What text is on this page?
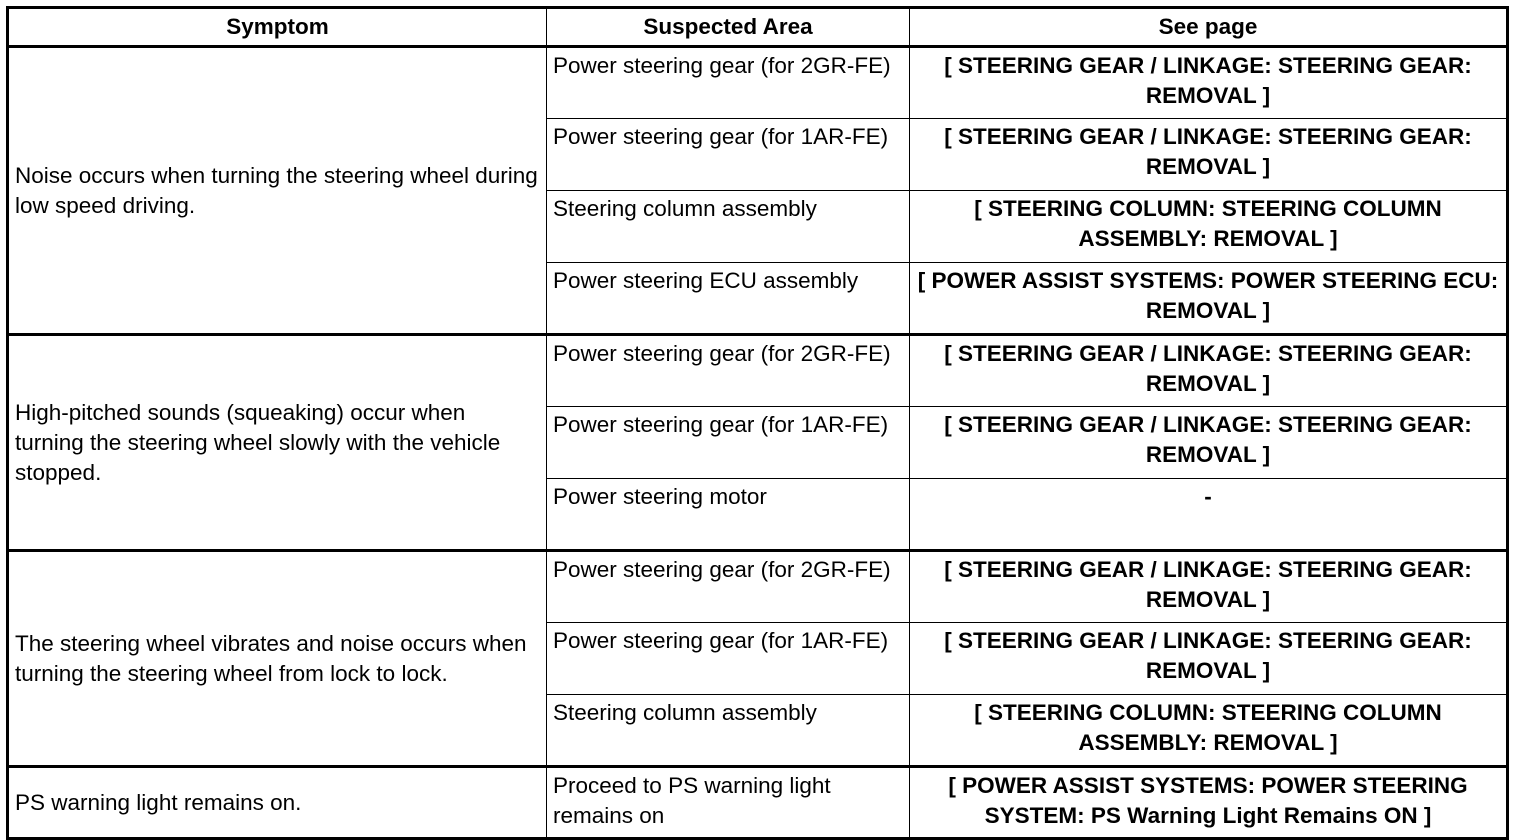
Symptom	Suspected Area	See page
Noise occurs when turning the steering wheel during low speed driving.	Power steering gear (for 2GR-FE)	[ STEERING GEAR / LINKAGE: STEERING GEAR: REMOVAL ]
	Power steering gear (for 1AR-FE)	[ STEERING GEAR / LINKAGE: STEERING GEAR: REMOVAL ]
	Steering column assembly	[ STEERING COLUMN: STEERING COLUMN ASSEMBLY: REMOVAL ]
	Power steering ECU assembly	[ POWER ASSIST SYSTEMS: POWER STEERING ECU: REMOVAL ]
High-pitched sounds (squeaking) occur when turning the steering wheel slowly with the vehicle stopped.	Power steering gear (for 2GR-FE)	[ STEERING GEAR / LINKAGE: STEERING GEAR: REMOVAL ]
	Power steering gear (for 1AR-FE)	[ STEERING GEAR / LINKAGE: STEERING GEAR: REMOVAL ]
	Power steering motor	-
The steering wheel vibrates and noise occurs when turning the steering wheel from lock to lock.	Power steering gear (for 2GR-FE)	[ STEERING GEAR / LINKAGE: STEERING GEAR: REMOVAL ]
	Power steering gear (for 1AR-FE)	[ STEERING GEAR / LINKAGE: STEERING GEAR: REMOVAL ]
	Steering column assembly	[ STEERING COLUMN: STEERING COLUMN ASSEMBLY: REMOVAL ]
PS warning light remains on.	Proceed to PS warning light remains on	[ POWER ASSIST SYSTEMS: POWER STEERING SYSTEM: PS Warning Light Remains ON ]
